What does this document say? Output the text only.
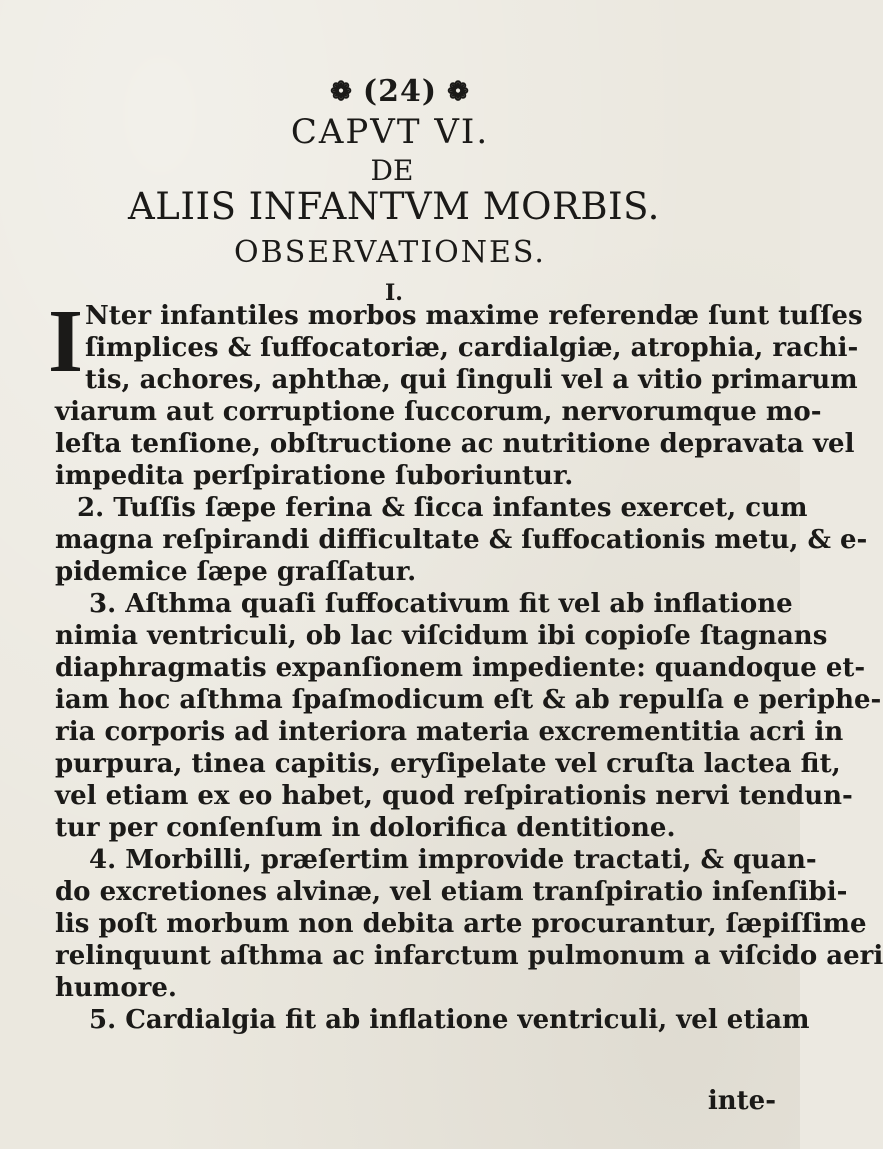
❁ (24) ❁
CAPVT VI.
DE
ALIIS INFANTVM MORBIS.
OBSERVATIONES.
I.
I Nter infantiles morbos maxime referendæ ſunt tuſſes
ſimplices & ſuffocatoriæ, cardialgiæ, atrophia, rachi-
tis, achores, aphthæ, qui ſinguli vel a vitio primarum
viarum aut corruptione ſuccorum, nervorumque mo-
leſta tenſione, obſtructione ac nutritione depravata vel
impedita perſpiratione ſuboriuntur.
2. Tuſſis ſæpe ferina & ſicca infantes exercet, cum
magna reſpirandi difficultate & ſuffocationis metu, & e-
pidemice ſæpe graſſatur.
3. Aſthma quaſi ſuffocativum fit vel ab inflatione
nimia ventriculi, ob lac viſcidum ibi copioſe ſtagnans
diaphragmatis expanſionem impediente: quandoque et-
iam hoc aſthma ſpaſmodicum eſt & ab repulſa e periphe-
ria corporis ad interiora materia excrementitia acri in
purpura, tinea capitis, eryſipelate vel cruſta lactea fit,
vel etiam ex eo habet, quod reſpirationis nervi tendun-
tur per conſenſum in dolorifica dentitione.
4. Morbilli, præſertim improvide tractati, & quan-
do excretiones alvinæ, vel etiam tranſpiratio inſenſibi-
lis poſt morbum non debita arte procurantur, ſæpiſſime
relinquunt aſthma ac infarctum pulmonum a viſcido aeri
humore.
5. Cardialgia fit ab inflatione ventriculi, vel etiam
inte-
